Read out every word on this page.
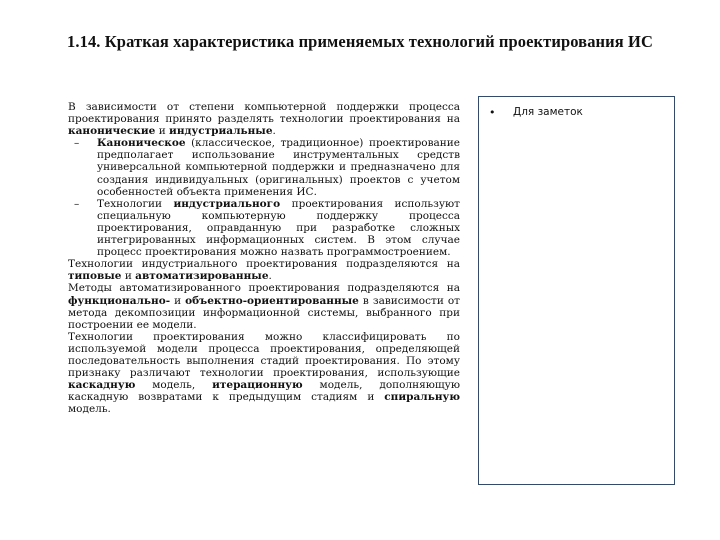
1.14. Краткая характеристика применяемых технологий проектирования ИС

В зависимости от степени компьютерной поддержки процесса проектирования принято разделять технологии проектирования на канонические и индустриальные.

– Каноническое (классическое, традиционное) проектирование предполагает использование инструментальных средств универсальной компьютерной поддержки и предназначено для создания индивидуальных (оригинальных) проектов с учетом особенностей объекта применения ИС.

– Технологии индустриального проектирования используют специальную компьютерную поддержку процесса проектирования, оправданную при разработке сложных интегрированных информационных систем. В этом случае процесс проектирования можно назвать программостроением.

Технологии индустриального проектирования подразделяются на типовые и автоматизированные.

Методы автоматизированного проектирования подразделяются на функционально- и объектно-ориентированные в зависимости от метода декомпозиции информационной системы, выбранного при построении ее модели.

Технологии проектирования можно классифицировать по используемой модели процесса проектирования, определяющей последовательность выполнения стадий проектирования. По этому признаку различают технологии проектирования, использующие каскадную модель, итерационную модель, дополняющую каскадную возвратами к предыдущим стадиям и спиральную модель.

• Для заметок
